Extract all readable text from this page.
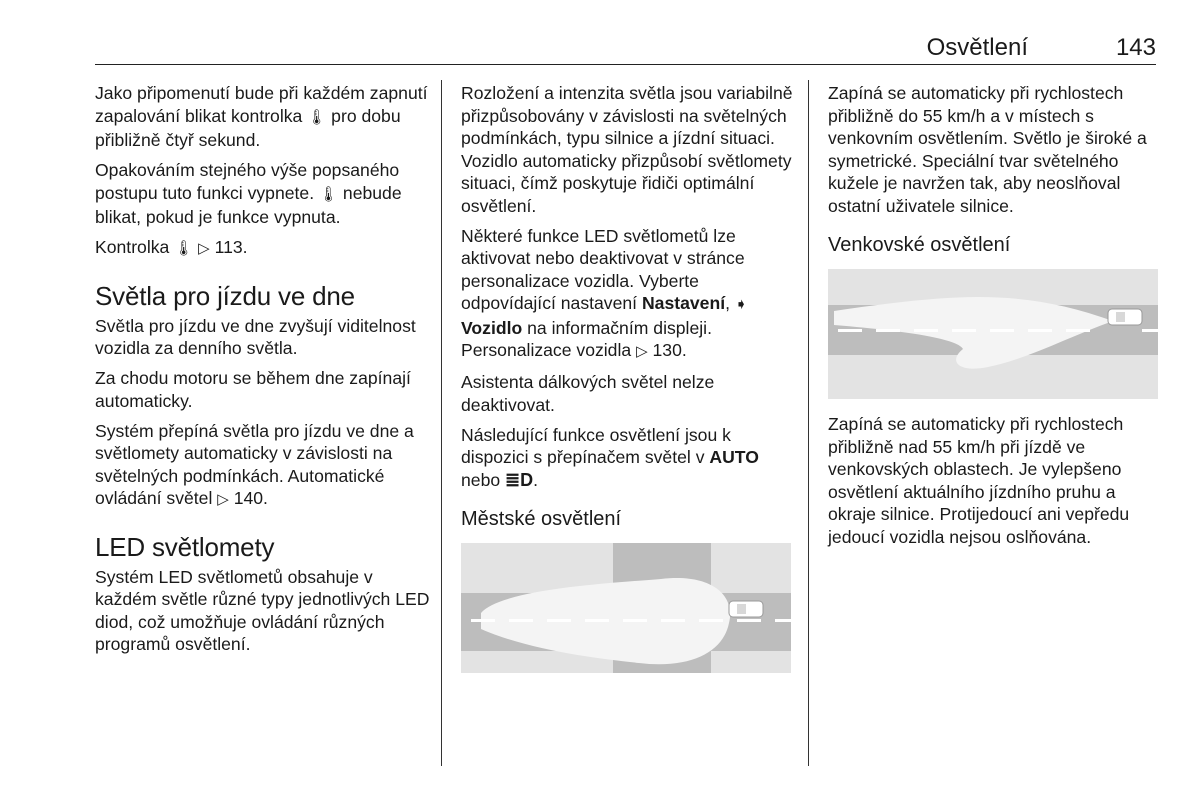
Osvětlení	143

Jako připomenutí bude při každém zapnutí zapalování blikat kontrolka 🌡 pro dobu přibližně čtyř sekund.

Opakováním stejného výše popsaného postupu tuto funkci vypnete. 🌡 nebude blikat, pokud je funkce vypnuta.

Kontrolka 🌡 ▷ 113.

Světla pro jízdu ve dne

Světla pro jízdu ve dne zvyšují viditelnost vozidla za denního světla.

Za chodu motoru se během dne zapínají automaticky.

Systém přepíná světla pro jízdu ve dne a světlomety automaticky v závislosti na světelných podmínkách. Automatické ovládání světel ▷ 140.

LED světlomety

Systém LED světlometů obsahuje v každém světle různé typy jednotlivých LED diod, což umožňuje ovládání různých programů osvětlení.

Rozložení a intenzita světla jsou variabilně přizpůsobovány v závislosti na světelných podmínkách, typu silnice a jízdní situaci. Vozidlo automaticky přizpůsobí světlomety situaci, čímž poskytuje řidiči optimální osvětlení.

Některé funkce LED světlometů lze aktivovat nebo deaktivovat v stránce personalizace vozidla. Vyberte odpovídající nastavení Nastavení, ➧ Vozidlo na informačním displeji. Personalizace vozidla ▷ 130.

Asistenta dálkových světel nelze deaktivovat.

Následující funkce osvětlení jsou k dispozici s přepínačem světel v AUTO nebo ≣D.

Městské osvětlení

Zapíná se automaticky při rychlostech přibližně do 55 km/h a v místech s venkovním osvětlením. Světlo je široké a symetrické. Speciální tvar světelného kužele je navržen tak, aby neoslňoval ostatní uživatele silnice.

Venkovské osvětlení

Zapíná se automaticky při rychlostech přibližně nad 55 km/h při jízdě ve venkovských oblastech. Je vylepšeno osvětlení aktuálního jízdního pruhu a okraje silnice. Protijedoucí ani vepředu jedoucí vozidla nejsou oslňována.
